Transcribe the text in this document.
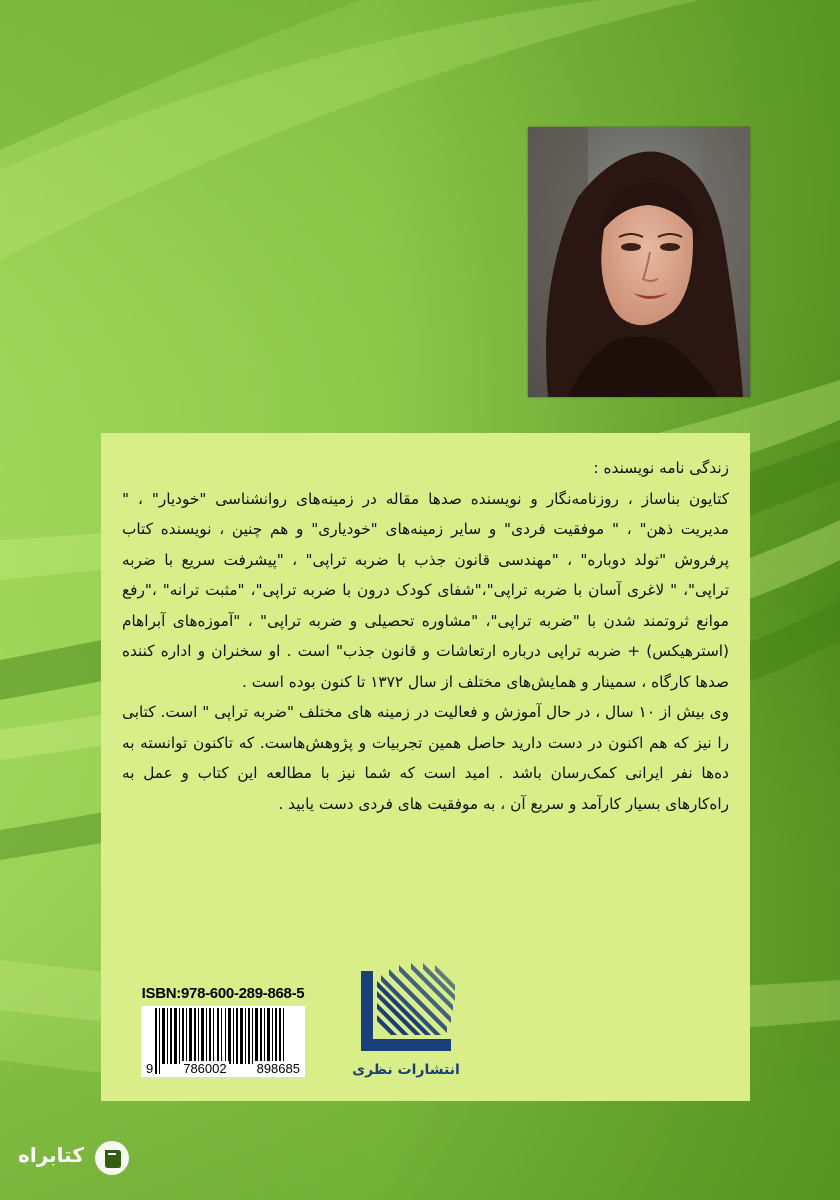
زندگی نامه نویسنده :

کتایون بناساز ، روزنامه‌نگار و نویسنده صدها مقاله در زمینه‌های روانشناسی "خودیار" ، " مدیریت ذهن" ، " موفقیت فردی" و سایر زمینه‌های "خودیاری" و هم چنین ، نویسنده کتاب پرفروش "تولد دوباره" ، "مهندسی قانون جذب با ضربه تراپی" ، "پیشرفت سریع با ضربه تراپی"، " لاغری آسان با ضربه تراپی"،"شفای کودک درون با ضربه تراپی"، "مثبت ترانه" ،"رفع موانع ثروتمند شدن با "ضربه تراپی"، "مشاوره تحصیلی و ضربه تراپی" ، "آموزه‌های آبراهام (استرهیکس) + ضربه تراپی درباره ارتعاشات و قانون جذب" است . او سخنران و اداره کننده صدها کارگاه ، سمینار و همایش‌های مختلف از سال ۱۳۷۲ تا کنون بوده است .

وی بیش از ۱۰ سال ، در حال آموزش و فعالیت در زمینه های مختلف "ضربه تراپی " است. کتابی را نیز که هم اکنون در دست دارید حاصل همین تجربیات و پژوهش‌هاست. که تاکنون توانسته به ده‌ها نفر ایرانی کمک‌رسان باشد . امید است که شما نیز با مطالعه این کتاب و عمل به راه‌کارهای بسیار کارآمد و سریع آن ، به موفقیت های فردی دست یابید .

ISBN:978-600-289-868-5
9 786002 898685	انتشارات نظری
کتابراه
